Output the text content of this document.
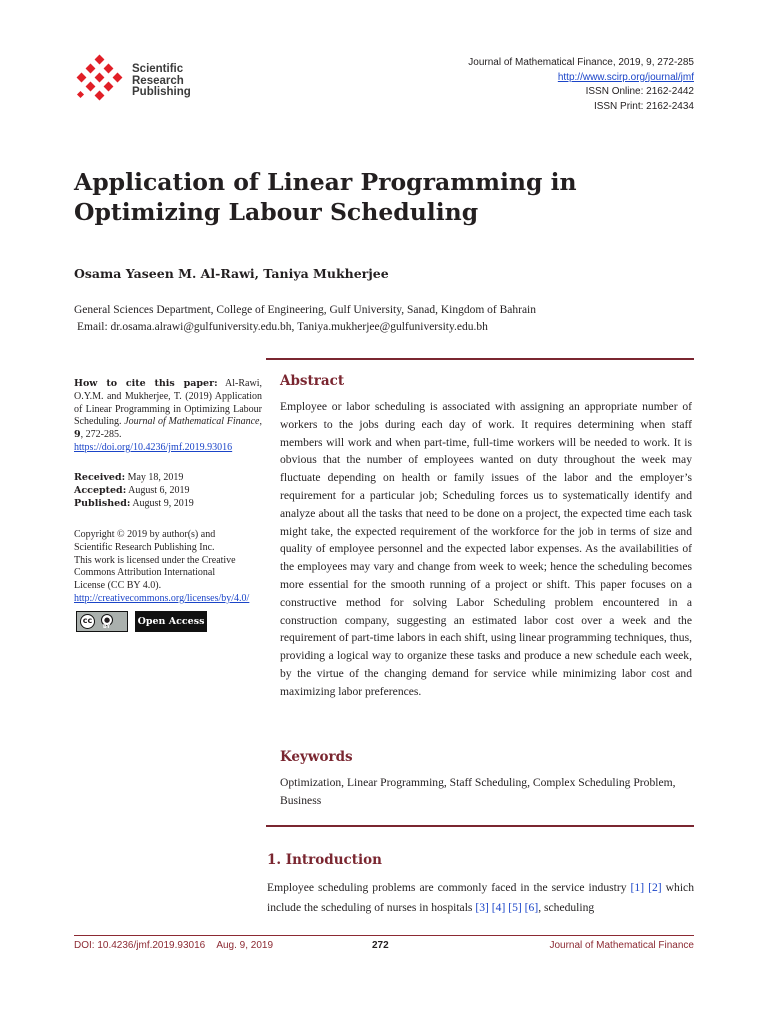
Scientific
Research
Publishing
Journal of Mathematical Finance, 2019, 9, 272-285
http://www.scirp.org/journal/jmf
ISSN Online: 2162-2442
ISSN Print: 2162-2434
Application of Linear Programming in
Optimizing Labour Scheduling
Osama Yaseen M. Al-Rawi, Taniya Mukherjee
General Sciences Department, College of Engineering, Gulf University, Sanad, Kingdom of Bahrain
Email: dr.osama.alrawi@gulfuniversity.edu.bh, Taniya.mukherjee@gulfuniversity.edu.bh
How to cite this paper: Al-Rawi, O.Y.M. and Mukherjee, T. (2019) Application of Linear Programming in Optimizing Labour Scheduling. Journal of Mathematical Finance, 9, 272-285.
https://doi.org/10.4236/jmf.2019.93016
Received: May 18, 2019
Accepted: August 6, 2019
Published: August 9, 2019
Copyright © 2019 by author(s) and
Scientific Research Publishing Inc.
This work is licensed under the Creative
Commons Attribution International
License (CC BY 4.0).
http://creativecommons.org/licenses/by/4.0/
cc	●
BY	Open Access
Abstract
Employee or labor scheduling is associated with assigning an appropriate number of workers to the jobs during each day of work. It requires determining when staff members will work and when part-time, full-time workers will be needed to work. It is obvious that the number of employees wanted on duty throughout the week may fluctuate depending on health or family issues of the labor and the employer’s requirement for a particular job; Scheduling forces us to systematically identify and analyze about all the tasks that need to be done on a project, the expected time each task might take, the expected requirement of the workforce for the job in terms of size and quality of employee personnel and the expected labor expenses. As the availabilities of the employees may vary and change from week to week; hence the scheduling becomes more essential for the smooth running of a project or shift. This paper focuses on a constructive method for solving Labor Scheduling problem encountered in a construction company, suggesting an estimated labor cost over a week and the requirement of part-time labors in each shift, using linear programming techniques, thus, providing a logical way to organize these tasks and produce a new schedule each week, by the virtue of the changing demand for service while minimizing labor cost and maximizing labor preferences.
Keywords
Optimization, Linear Programming, Staff Scheduling, Complex Scheduling Problem, Business
1. Introduction
Employee scheduling problems are commonly faced in the service industry [1] [2] which include the scheduling of nurses in hospitals [3] [4] [5] [6], scheduling
DOI: 10.4236/jmf.2019.93016 Aug. 9, 2019	272	Journal of Mathematical Finance
